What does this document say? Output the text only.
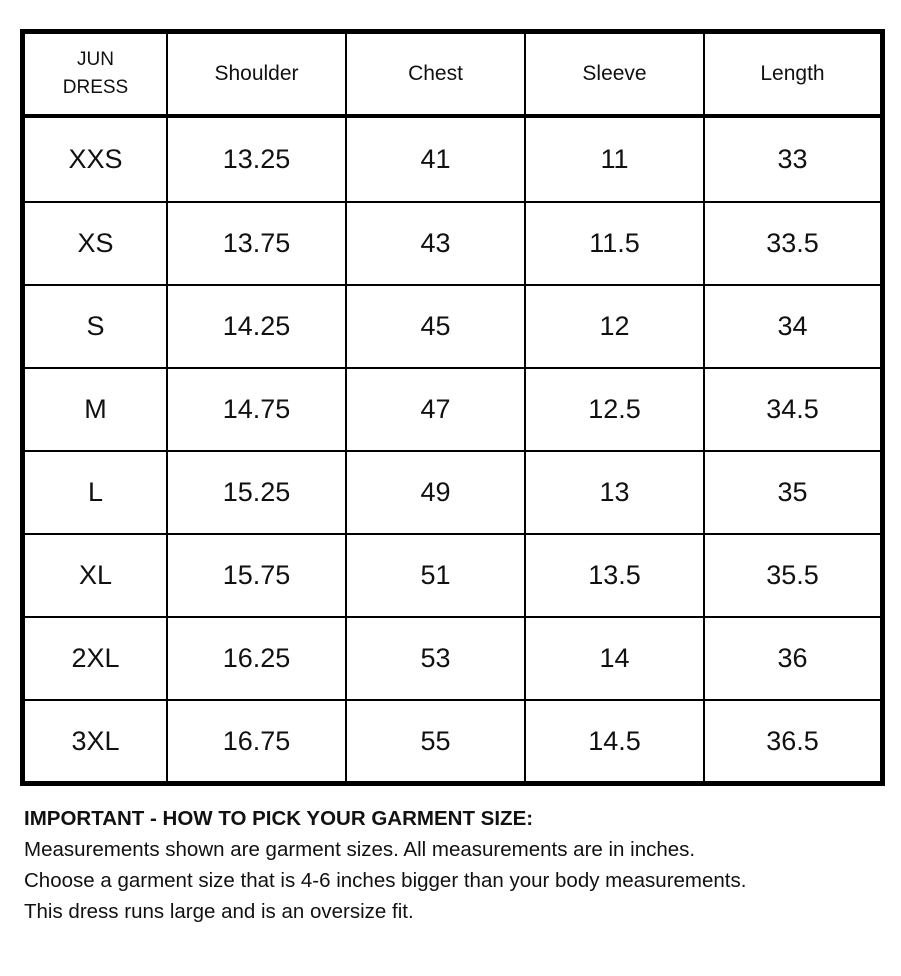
JUN
DRESS	Shoulder	Chest	Sleeve	Length
XXS	13.25	41	11	33
XS	13.75	43	11.5	33.5
S	14.25	45	12	34
M	14.75	47	12.5	34.5
L	15.25	49	13	35
XL	15.75	51	13.5	35.5
2XL	16.25	53	14	36
3XL	16.75	55	14.5	36.5
IMPORTANT - HOW TO PICK YOUR GARMENT SIZE:
Measurements shown are garment sizes. All measurements are in inches.
Choose a garment size that is 4-6 inches bigger than your body measurements.
This dress runs large and is an oversize fit.
